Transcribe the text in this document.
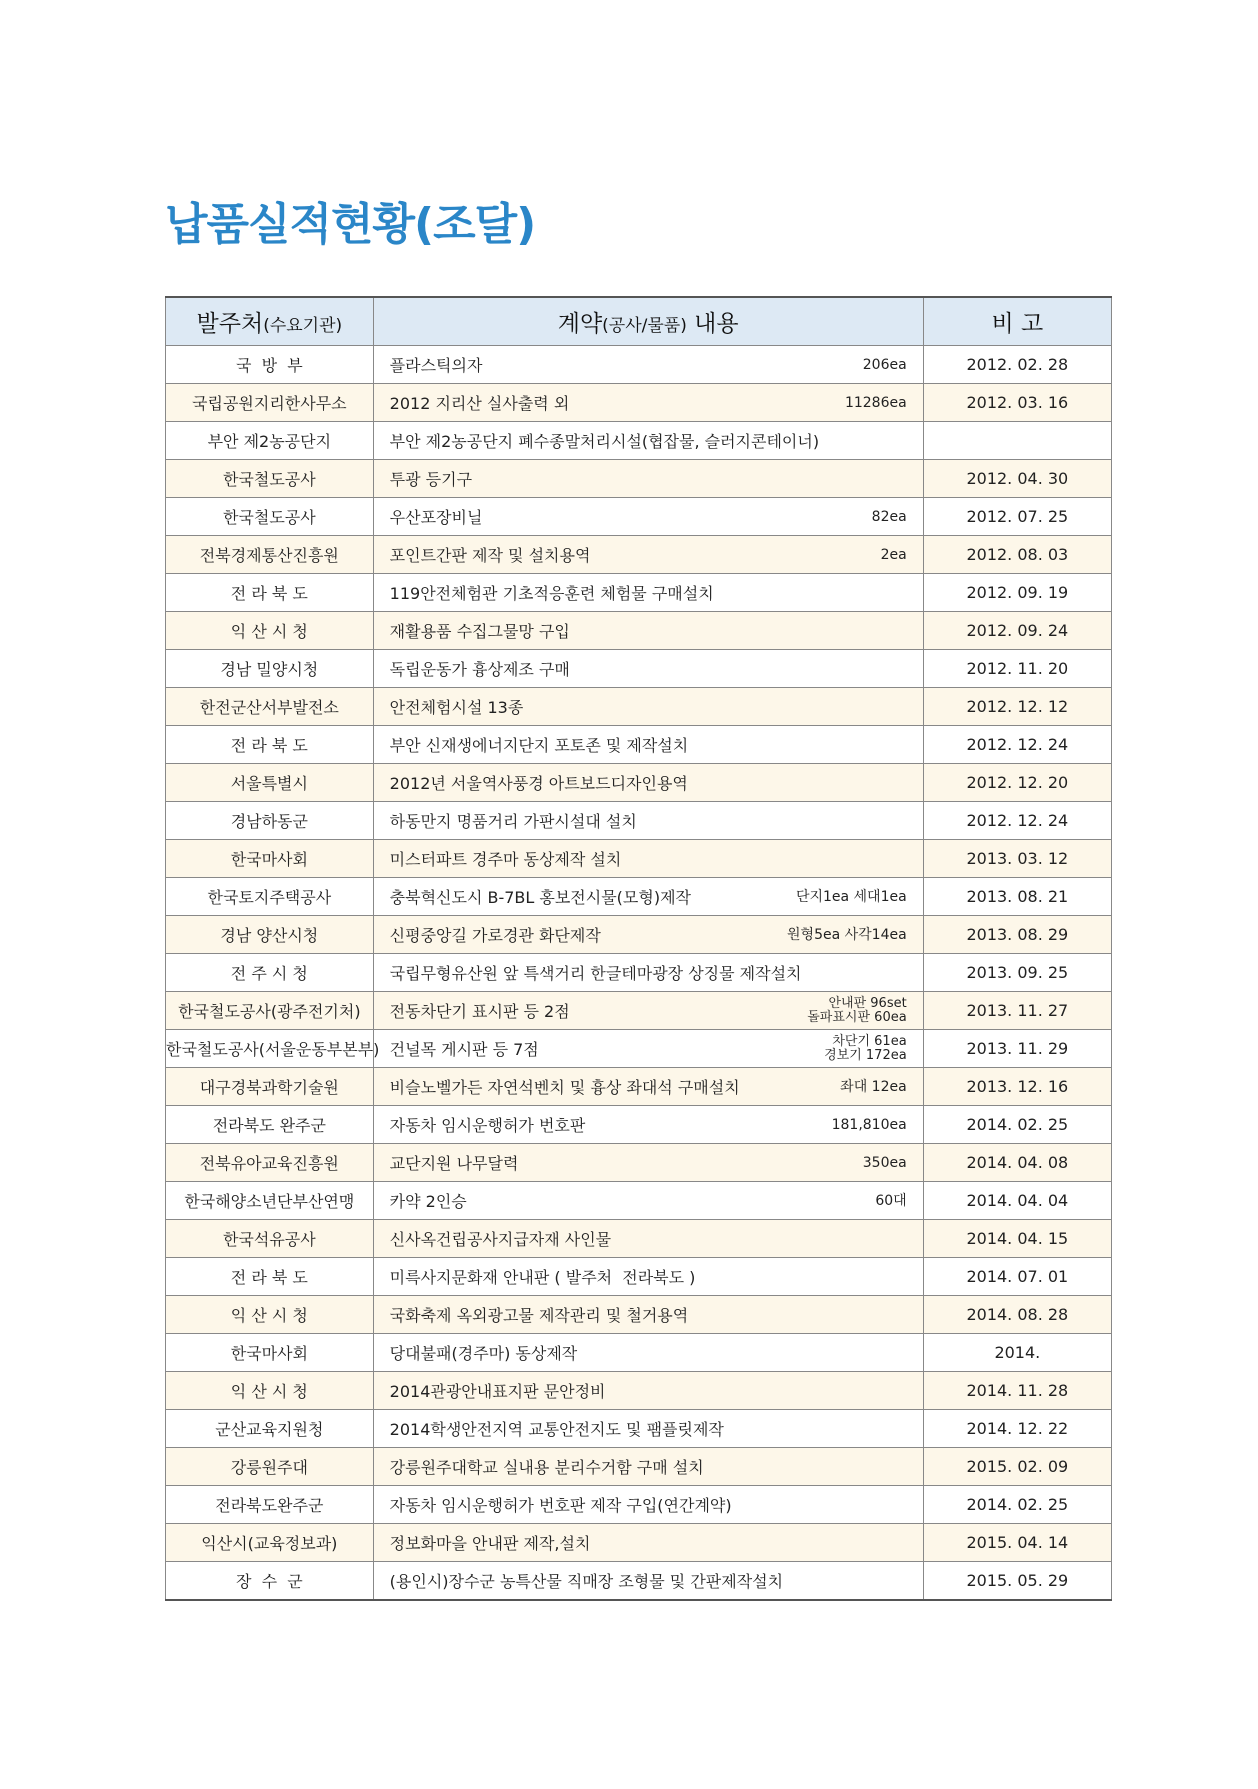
납품실적현황(조달)
발주처(수요기관)	계약(공사/물품) 내용	비 고
국  방  부	플라스틱의자 206ea	2012. 02. 28
국립공원지리한사무소	2012 지리산 실사출력 외 11286ea	2012. 03. 16
부안 제2농공단지	부안 제2농공단지 폐수종말처리시설(협잡물, 슬러지콘테이너)	

한국철도공사	투광 등기구	2012. 04. 30
한국철도공사	우산포장비닐 82ea	2012. 07. 25
전북경제통산진흥원	포인트간판 제작 및 설치용역 2ea	2012. 08. 03
전 라 북 도	119안전체험관 기초적응훈련 체험물 구매설치	2012. 09. 19
익 산 시 청	재활용품 수집그물망 구입	2012. 09. 24
경남 밀양시청	독립운동가 흉상제조 구매	2012. 11. 20
한전군산서부발전소	안전체험시설 13종	2012. 12. 12
전 라 북 도	부안 신재생에너지단지 포토존 및 제작설치	2012. 12. 24
서울특별시	2012년 서울역사풍경 아트보드디자인용역	2012. 12. 20
경남하동군	하동만지 명품거리 가판시설대 설치	2012. 12. 24
한국마사회	미스터파트 경주마 동상제작 설치	2013. 03. 12
한국토지주택공사	충북혁신도시 B-7BL 홍보전시물(모형)제작 단지1ea 세대1ea	2013. 08. 21
경남 양산시청	신평중앙길 가로경관 화단제작 원형5ea 사각14ea	2013. 08. 29
전 주 시 청	국립무형유산원 앞 특색거리 한글테마광장 상징물 제작설치	2013. 09. 25
한국철도공사(광주전기처)	전동차단기 표시판 등 2점 안내판 96set
돌파표시판 60ea	2013. 11. 27
한국철도공사(서울운동부본부)	건널목 게시판 등 7점 차단기 61ea
경보기 172ea	2013. 11. 29
대구경북과학기술원	비슬노벨가든 자연석벤치 및 흉상 좌대석 구매설치 좌대 12ea	2013. 12. 16
전라북도 완주군	자동차 임시운행허가 번호판 181,810ea	2014. 02. 25
전북유아교육진흥원	교단지원 나무달력 350ea	2014. 04. 08
한국해양소년단부산연맹	카약 2인승 60대	2014. 04. 04
한국석유공사	신사옥건립공사지급자재 사인물	2014. 04. 15
전 라 북 도	미륵사지문화재 안내판 ( 발주처  전라북도 )	2014. 07. 01
익 산 시 청	국화축제 옥외광고물 제작관리 및 철거용역	2014. 08. 28
한국마사회	당대불패(경주마) 동상제작	2014.
익 산 시 청	2014관광안내표지판 문안정비	2014. 11. 28
군산교육지원청	2014학생안전지역 교통안전지도 및 팸플릿제작	2014. 12. 22
강릉원주대	강릉원주대학교 실내용 분리수거함 구매 설치	2015. 02. 09
전라북도완주군	자동차 임시운행허가 번호판 제작 구입(연간계약)	2014. 02. 25
익산시(교육정보과)	정보화마을 안내판 제작,설치	2015. 04. 14
장  수  군	(용인시)장수군 농특산물 직매장 조형물 및 간판제작설치	2015. 05. 29
